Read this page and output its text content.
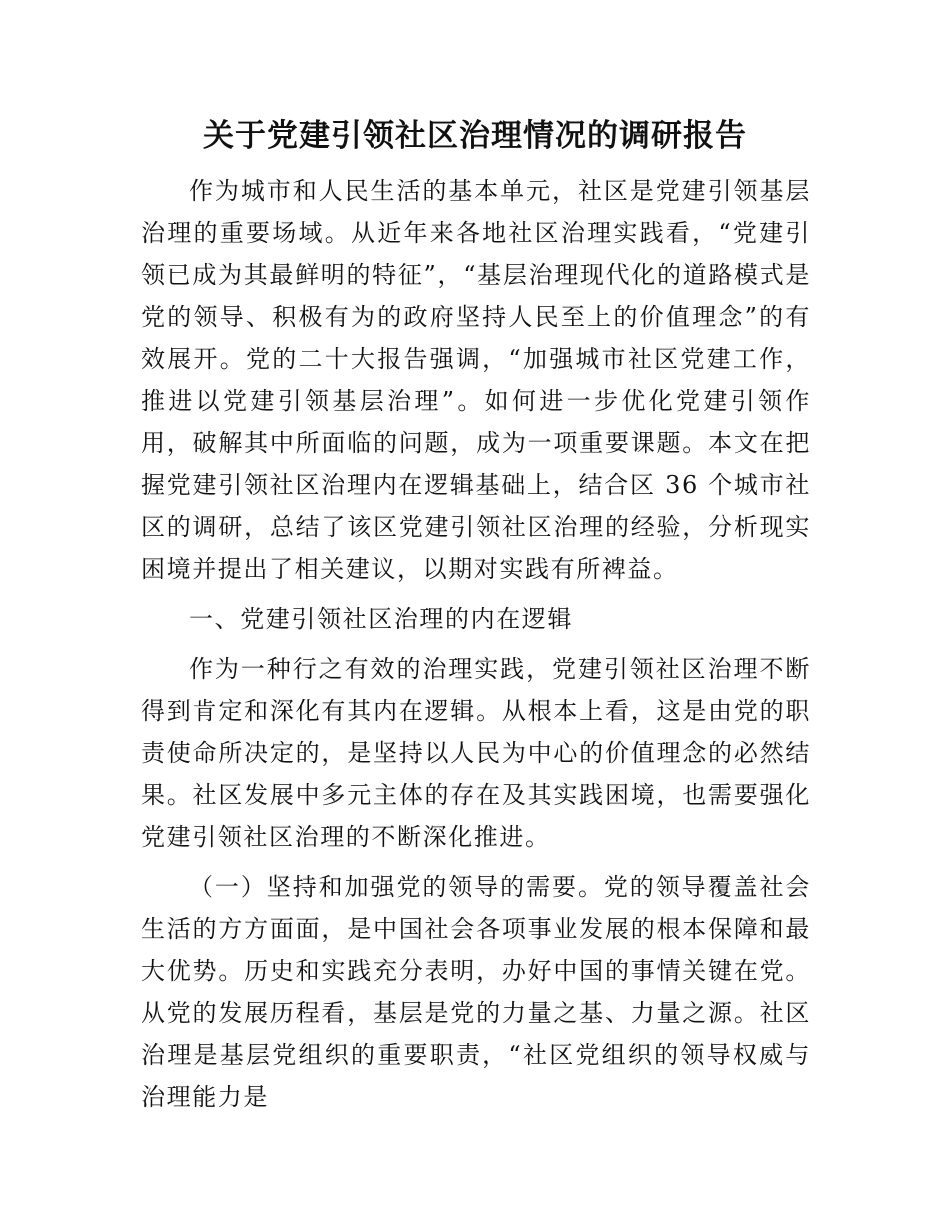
关于党建引领社区治理情况的调研报告

作为城市和人民生活的基本单元，社区是党建引领基层治理的重要场域。从近年来各地社区治理实践看，“党建引领已成为其最鲜明的特征”，“基层治理现代化的道路模式是党的领导、积极有为的政府坚持人民至上的价值理念”的有效展开。党的二十大报告强调，“加强城市社区党建工作，推进以党建引领基层治理”。如何进一步优化党建引领作用，破解其中所面临的问题，成为一项重要课题。本文在把握党建引领社区治理内在逻辑基础上，结合区 36 个城市社区的调研，总结了该区党建引领社区治理的经验，分析现实困境并提出了相关建议，以期对实践有所裨益。

一、党建引领社区治理的内在逻辑

作为一种行之有效的治理实践，党建引领社区治理不断得到肯定和深化有其内在逻辑。从根本上看，这是由党的职责使命所决定的，是坚持以人民为中心的价值理念的必然结果。社区发展中多元主体的存在及其实践困境，也需要强化党建引领社区治理的不断深化推进。

（一）坚持和加强党的领导的需要。党的领导覆盖社会生活的方方面面，是中国社会各项事业发展的根本保障和最大优势。历史和实践充分表明，办好中国的事情关键在党。从党的发展历程看，基层是党的力量之基、力量之源。社区治理是基层党组织的重要职责，“社区党组织的领导权威与治理能力是
